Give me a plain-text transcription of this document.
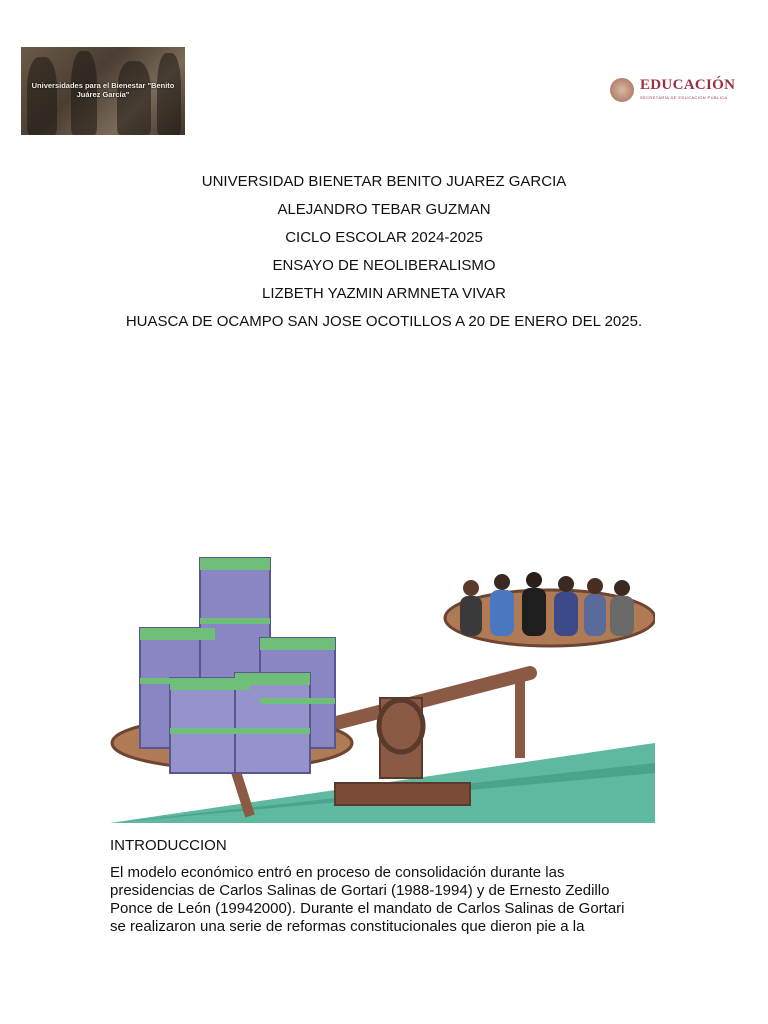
Universidades para el Bienestar "Benito Juárez García"
EDUCACIÓN
SECRETARÍA DE EDUCACIÓN PÚBLICA
UNIVERSIDAD BIENETAR BENITO JUAREZ GARCIA
ALEJANDRO TEBAR GUZMAN
CICLO ESCOLAR 2024-2025
ENSAYO DE NEOLIBERALISMO
LIZBETH YAZMIN ARMNETA VIVAR
HUASCA DE OCAMPO SAN JOSE OCOTILLOS A 20 DE ENERO DEL 2025.
INTRODUCCION
El modelo económico entró en proceso de consolidación durante las
presidencias de Carlos Salinas de Gortari (1988-1994) y de Ernesto Zedillo
Ponce de León (19942000). Durante el mandato de Carlos Salinas de Gortari
se realizaron una serie de reformas constitucionales que dieron pie a la
